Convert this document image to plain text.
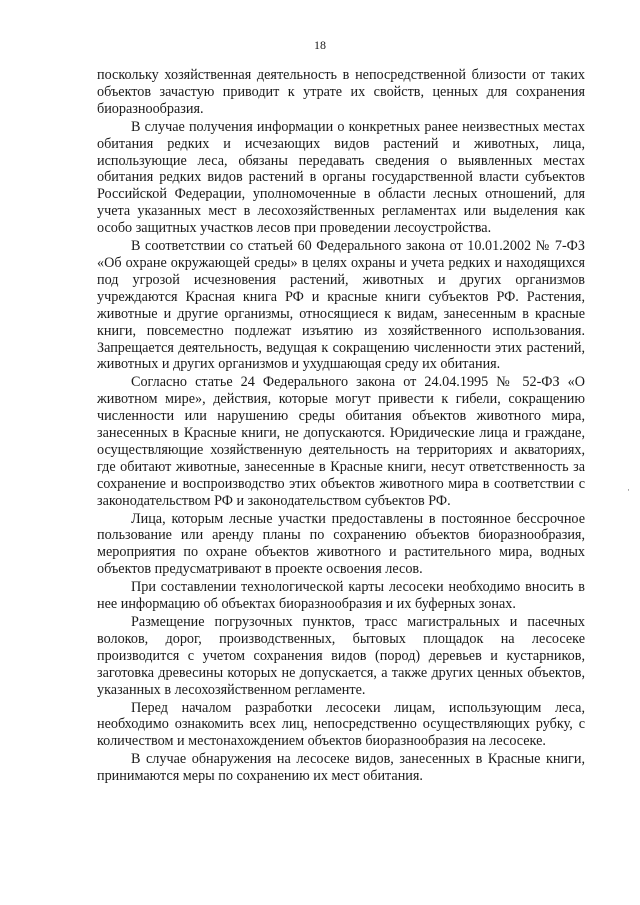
18

поскольку хозяйственная деятельность в непосредственной близости от таких объектов зачастую приводит к утрате их свойств, ценных для сохранения биоразнообразия.

В случае получения информации о конкретных ранее неизвестных местах обитания редких и исчезающих видов растений и животных, лица, использующие леса, обязаны передавать сведения о выявленных местах обитания редких видов растений в органы государственной власти субъектов Российской Федерации, уполномоченные в области лесных отношений, для учета указанных мест в лесохозяйственных регламентах или выделения как особо защитных участков лесов при проведении лесоустройства.

В соответствии со статьей 60 Федерального закона от 10.01.2002 № 7-ФЗ «Об охране окружающей среды» в целях охраны и учета редких и находящихся под угрозой исчезновения растений, животных и других организмов учреждаются Красная книга РФ и красные книги субъектов РФ. Растения, животные и другие организмы, относящиеся к видам, занесенным в красные книги, повсеместно подлежат изъятию из хозяйственного использования. Запрещается деятельность, ведущая к сокращению численности этих растений, животных и других организмов и ухудшающая среду их обитания.

Согласно статье 24 Федерального закона от 24.04.1995 № 52-ФЗ «О животном мире», действия, которые могут привести к гибели, сокращению численности или нарушению среды обитания объектов животного мира, занесенных в Красные книги, не допускаются. Юридические лица и граждане, осуществляющие хозяйственную деятельность на территориях и акваториях, где обитают животные, занесенные в Красные книги, несут ответственность за сохранение и воспроизводство этих объектов животного мира в соответствии с законодательством РФ и законодательством субъектов РФ.

Лица, которым лесные участки предоставлены в постоянное бессрочное пользование или аренду планы по сохранению объектов биоразнообразия, мероприятия по охране объектов животного и растительного мира, водных объектов предусматривают в проекте освоения лесов.

При составлении технологической карты лесосеки необходимо вносить в нее информацию об объектах биоразнообразия и их буферных зонах.

Размещение погрузочных пунктов, трасс магистральных и пасечных волоков, дорог, производственных, бытовых площадок на лесосеке производится с учетом сохранения видов (пород) деревьев и кустарников, заготовка древесины которых не допускается, а также других ценных объектов, указанных в лесохозяйственном регламенте.

Перед началом разработки лесосеки лицам, использующим леса, необходимо ознакомить всех лиц, непосредственно осуществляющих рубку, с количеством и местонахождением объектов биоразнообразия на лесосеке.

В случае обнаружения на лесосеке видов, занесенных в Красные книги, принимаются меры по сохранению их мест обитания.

·
